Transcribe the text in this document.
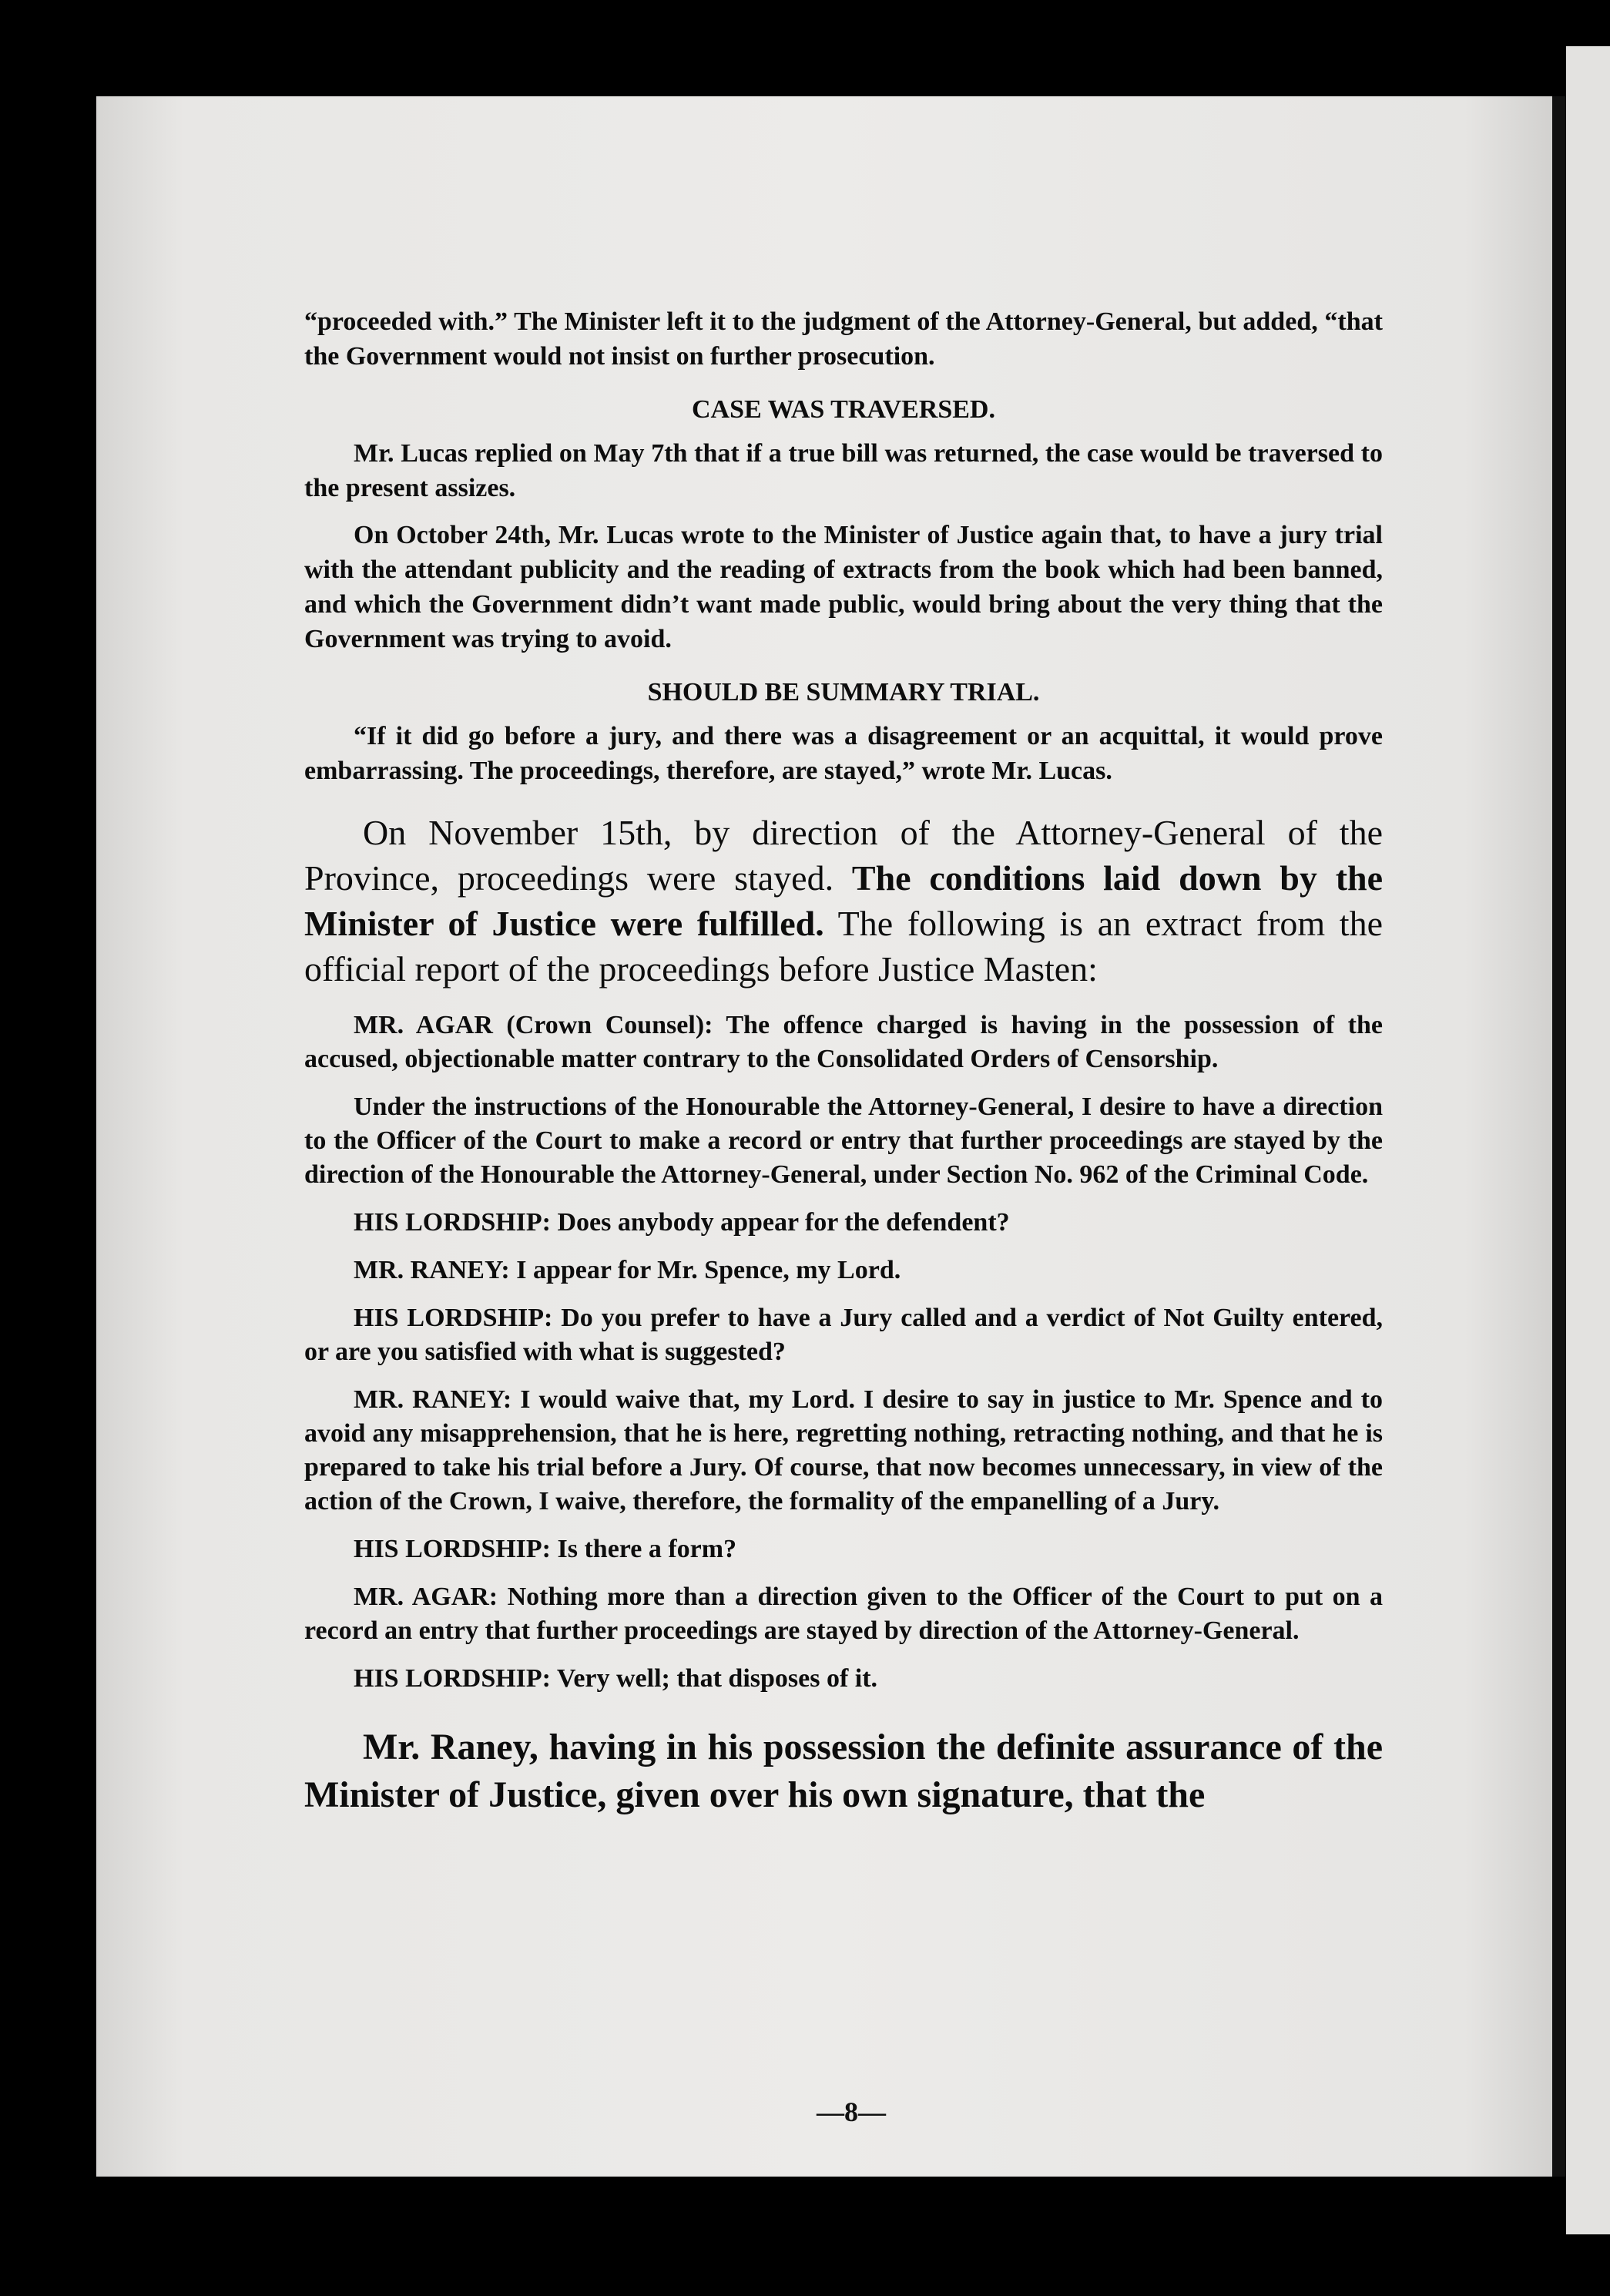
“proceeded with.” The Minister left it to the judgment of the Attorney-General, but added, “that the Government would not insist on further prosecution.

CASE WAS TRAVERSED.

Mr. Lucas replied on May 7th that if a true bill was returned, the case would be traversed to the present assizes.

On October 24th, Mr. Lucas wrote to the Minister of Justice again that, to have a jury trial with the attendant publicity and the reading of extracts from the book which had been banned, and which the Government didn’t want made public, would bring about the very thing that the Government was trying to avoid.

SHOULD BE SUMMARY TRIAL.

“If it did go before a jury, and there was a disagreement or an acquittal, it would prove embarrassing. The proceedings, therefore, are stayed,” wrote Mr. Lucas.

On November 15th, by direction of the Attorney-General of the Province, proceedings were stayed. The conditions laid down by the Minister of Justice were fulfilled. The following is an extract from the official report of the proceedings before Justice Masten:

MR. AGAR (Crown Counsel): The offence charged is having in the possession of the accused, objectionable matter contrary to the Consolidated Orders of Censorship.

Under the instructions of the Honourable the Attorney-General, I desire to have a direction to the Officer of the Court to make a record or entry that further proceedings are stayed by the direction of the Honourable the Attorney-General, under Section No. 962 of the Criminal Code.

HIS LORDSHIP: Does anybody appear for the defendent?

MR. RANEY: I appear for Mr. Spence, my Lord.

HIS LORDSHIP: Do you prefer to have a Jury called and a verdict of Not Guilty entered, or are you satisfied with what is suggested?

MR. RANEY: I would waive that, my Lord. I desire to say in justice to Mr. Spence and to avoid any misapprehension, that he is here, regretting nothing, retracting nothing, and that he is prepared to take his trial before a Jury. Of course, that now becomes unnecessary, in view of the action of the Crown, I waive, therefore, the formality of the empanelling of a Jury.

HIS LORDSHIP: Is there a form?

MR. AGAR: Nothing more than a direction given to the Officer of the Court to put on a record an entry that further proceedings are stayed by direction of the Attorney-General.

HIS LORDSHIP: Very well; that disposes of it.

Mr. Raney, having in his possession the definite assurance of the Minister of Justice, given over his own signature, that the

—8—
